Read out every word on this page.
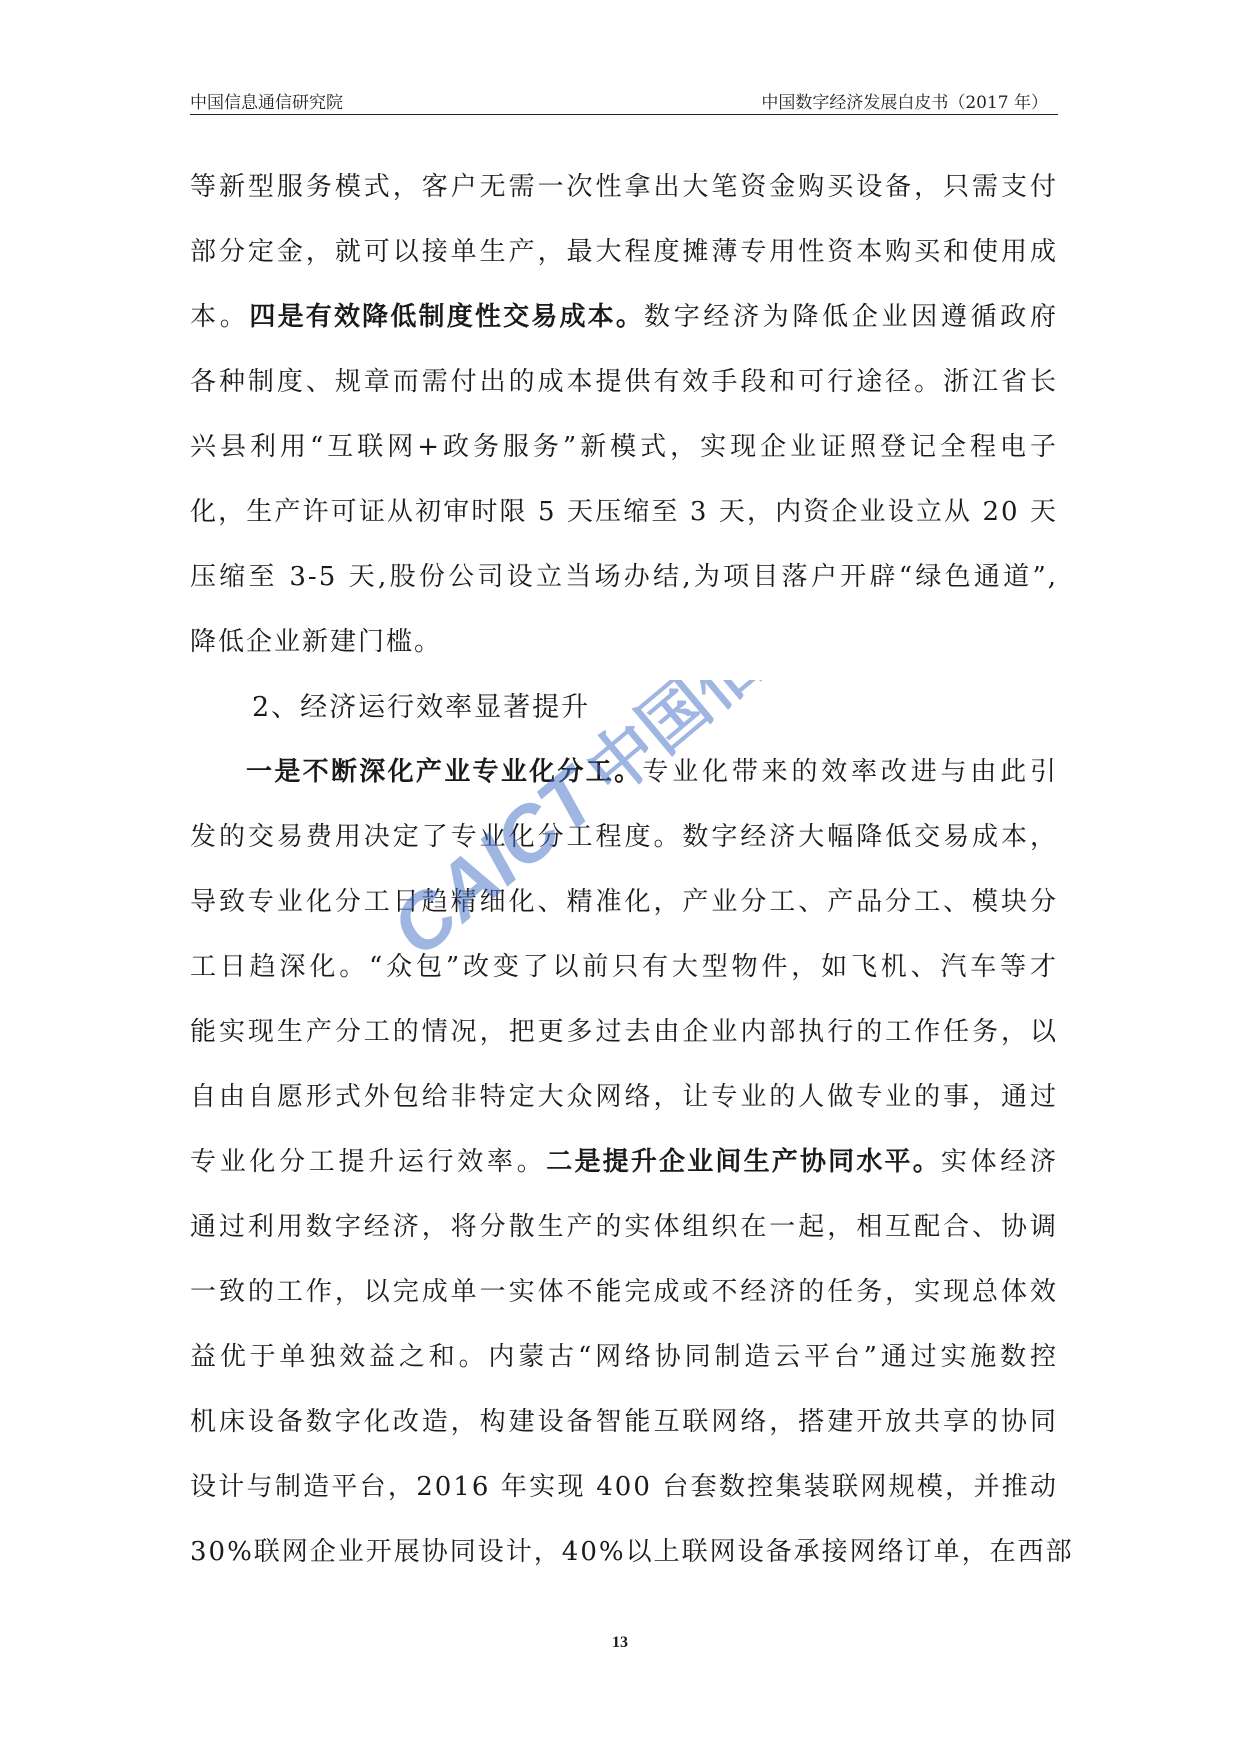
中国信息通信研究院	中国数字经济发展白皮书（2017 年）
等新型服务模式，客户无需一次性拿出大笔资金购买设备，只需支付
部分定金，就可以接单生产，最大程度摊薄专用性资本购买和使用成
本。四是有效降低制度性交易成本。数字经济为降低企业因遵循政府
各种制度、规章而需付出的成本提供有效手段和可行途径。浙江省长
兴县利用“互联网+政务服务”新模式，实现企业证照登记全程电子
化，生产许可证从初审时限 5 天压缩至 3 天，内资企业设立从 20 天
压缩至 3-5 天,股份公司设立当场办结,为项目落户开辟“绿色通道”,
降低企业新建门槛。
2、经济运行效率显著提升
一是不断深化产业专业化分工。专业化带来的效率改进与由此引
发的交易费用决定了专业化分工程度。数字经济大幅降低交易成本，
导致专业化分工日趋精细化、精准化，产业分工、产品分工、模块分
工日趋深化。“众包”改变了以前只有大型物件，如飞机、汽车等才
能实现生产分工的情况，把更多过去由企业内部执行的工作任务，以
自由自愿形式外包给非特定大众网络，让专业的人做专业的事，通过
专业化分工提升运行效率。二是提升企业间生产协同水平。实体经济
通过利用数字经济，将分散生产的实体组织在一起，相互配合、协调
一致的工作，以完成单一实体不能完成或不经济的任务，实现总体效
益优于单独效益之和。内蒙古“网络协同制造云平台”通过实施数控
机床设备数字化改造，构建设备智能互联网络，搭建开放共享的协同
设计与制造平台，2016 年实现 400 台套数控集装联网规模，并推动
30%联网企业开展协同设计，40%以上联网设备承接网络订单，在西部
CAICT
13
